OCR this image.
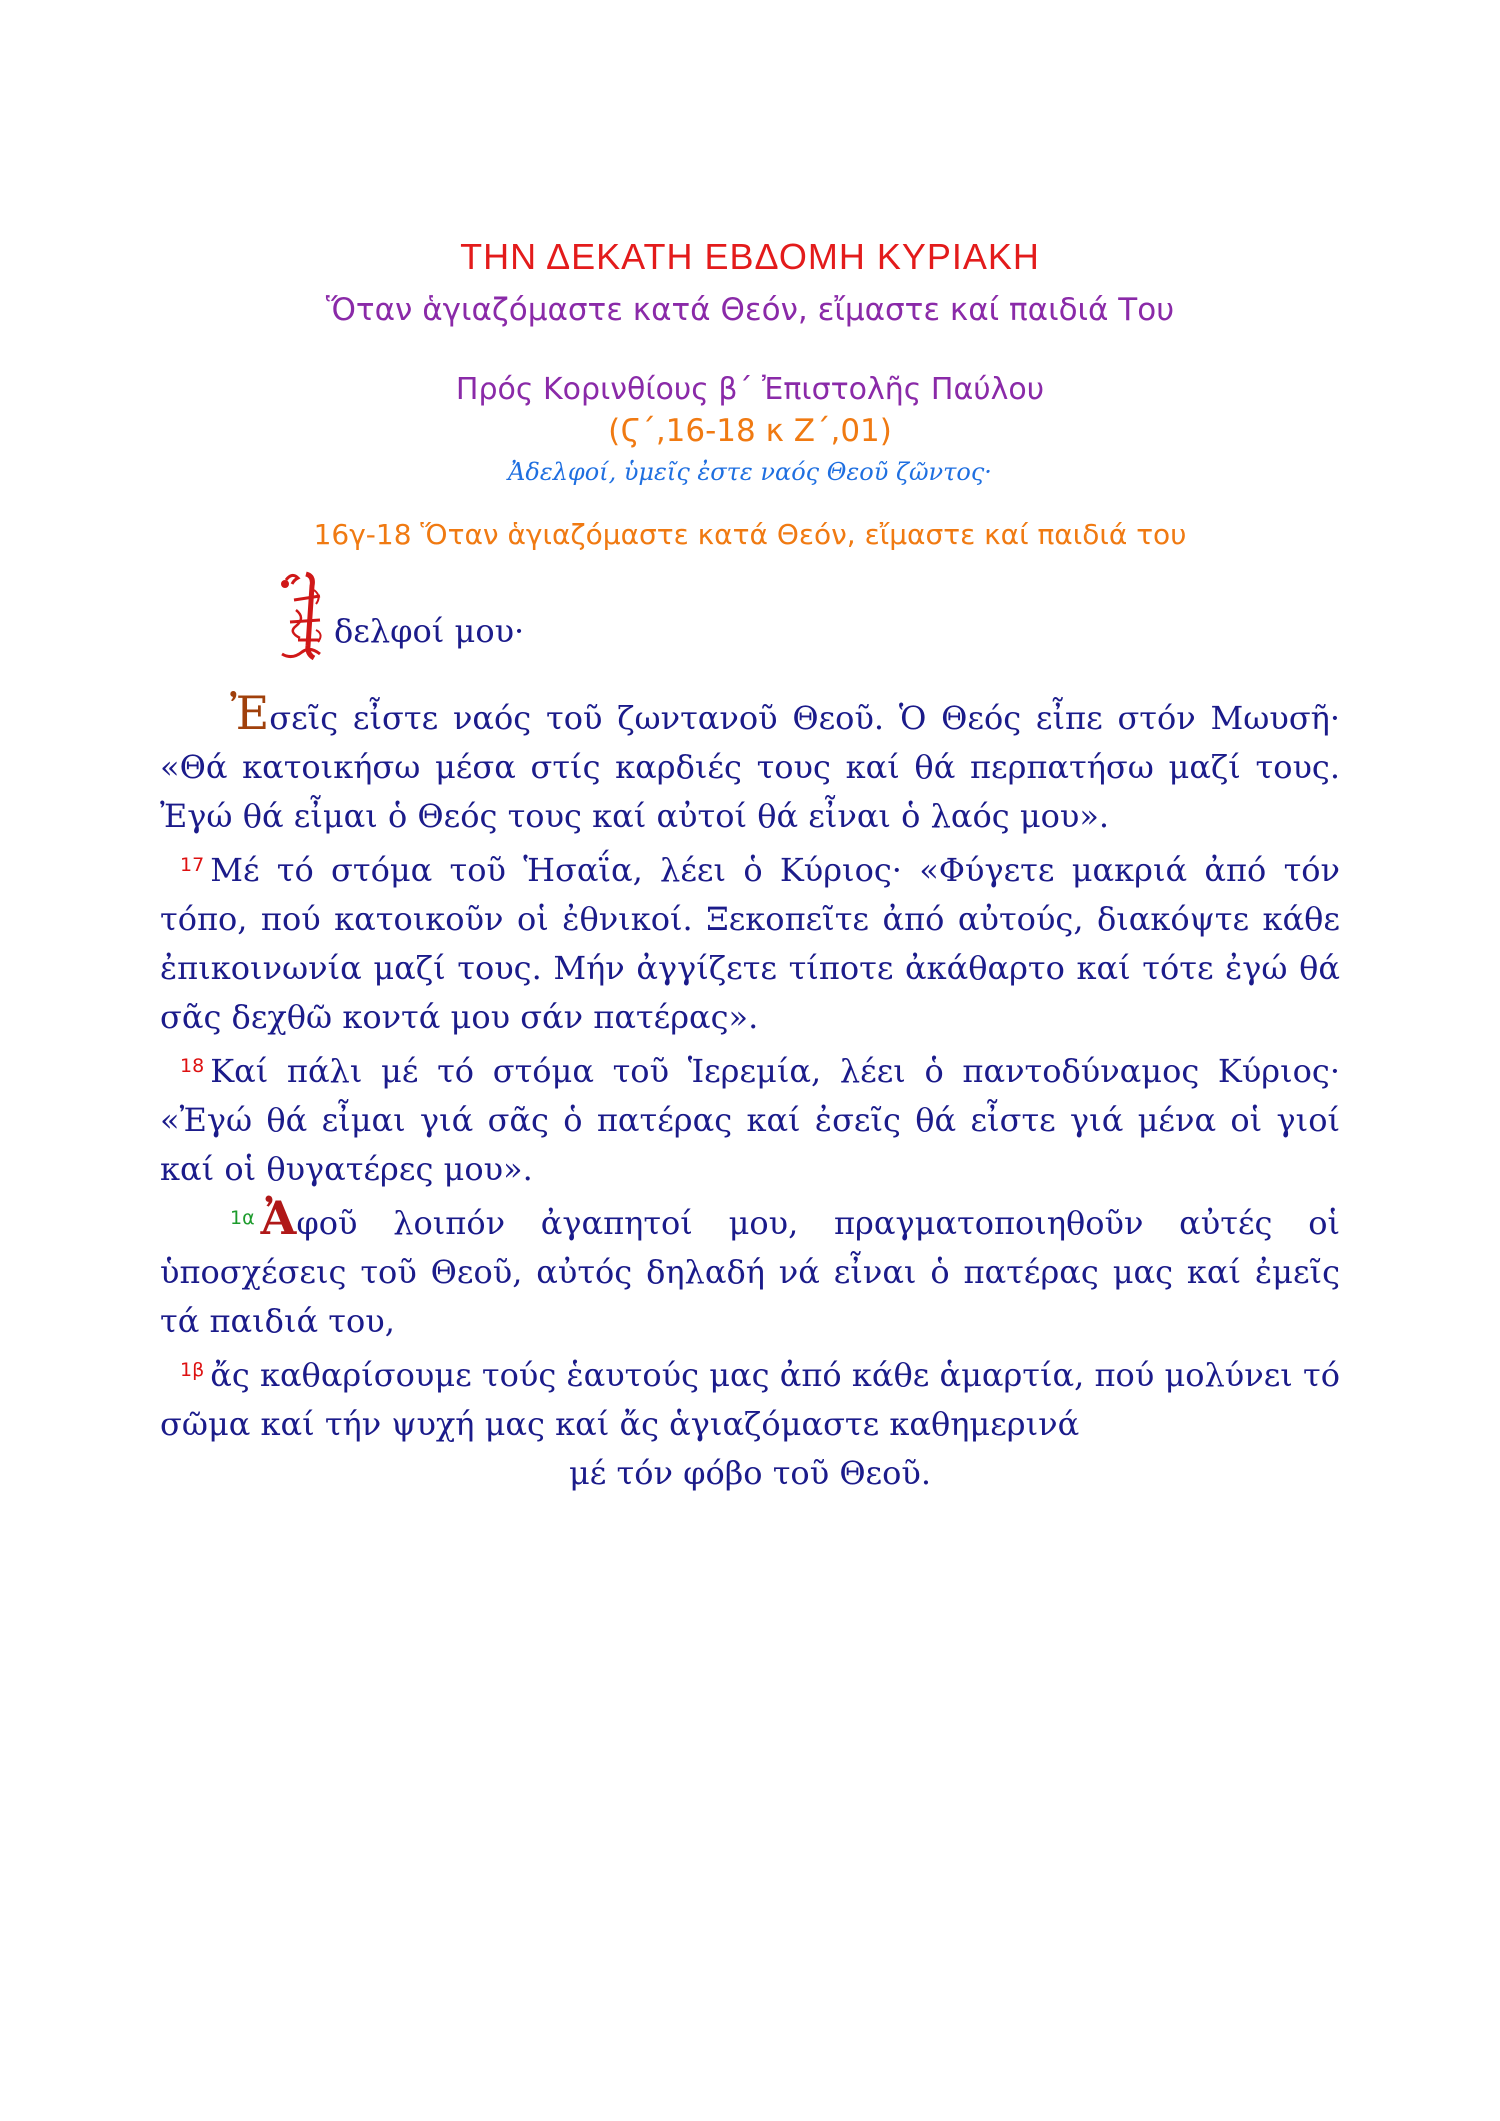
ΤΗΝ ΔΕΚΑΤΗ ΕΒΔΟΜΗ ΚΥΡΙΑΚΗ
Ὅταν ἁγιαζόμαστε κατά Θεόν, εἴμαστε καί παιδιά Του
Πρός Κορινθίους β΄ Ἐπιστολῆς Παύλου
(Ϛ΄,16-18 κ Ζ΄,01)
Ἀδελφοί, ὑμεῖς ἐστε ναός Θεοῦ ζῶντος·
16γ-18 Ὅταν ἁγιαζόμαστε κατά Θεόν, εἴμαστε καί παιδιά του
Ἀ
δελφοί μου·

Ἐσεῖς εἶστε ναός τοῦ ζωντανοῦ Θεοῦ. Ὁ Θεός εἶπε στόν Μωυσῆ· «Θά κατοικήσω μέσα στίς καρδιές τους καί θά περπατήσω μαζί τους. Ἐγώ θά εἶμαι ὁ Θεός τους καί αὐτοί θά εἶναι ὁ λαός μου».

$^{17}$ Μέ τό στόμα τοῦ Ἡσαΐα, λέει ὁ Κύριος· «Φύγετε μακριά ἀπό τόν τόπο, πού κατοικοῦν οἱ ἐθνικοί. Ξεκοπεῖτε ἀπό αὐτούς, διακόψτε κάθε ἐπικοινωνία μαζί τους. Μήν ἀγγίζετε τίποτε ἀκάθαρτο καί τότε ἐγώ θά σᾶς δεχθῶ κοντά μου σάν πατέρας».

$^{18}$ Καί πάλι μέ τό στόμα τοῦ Ἱερεμία, λέει ὁ παντοδύναμος Κύριος· «Ἐγώ θά εἶμαι γιά σᾶς ὁ πατέρας καί ἐσεῖς θά εἶστε γιά μένα οἱ γιοί καί οἱ θυγατέρες μου».

$^{1\alpha}$ Ἀφοῦ λοιπόν ἀγαπητοί μου, πραγματοποιηθοῦν αὐτές οἱ ὑποσχέσεις τοῦ Θεοῦ, αὐτός δηλαδή νά εἶναι ὁ πατέρας μας καί ἐμεῖς τά παιδιά του,

$^{1\beta}$ ἄς καθαρίσουμε τούς ἑαυτούς μας ἀπό κάθε ἁμαρτία, πού μολύνει τό σῶμα καί τήν ψυχή μας καί ἄς ἁγιαζόμαστε καθημερινά
μέ τόν φόβο τοῦ Θεοῦ.
